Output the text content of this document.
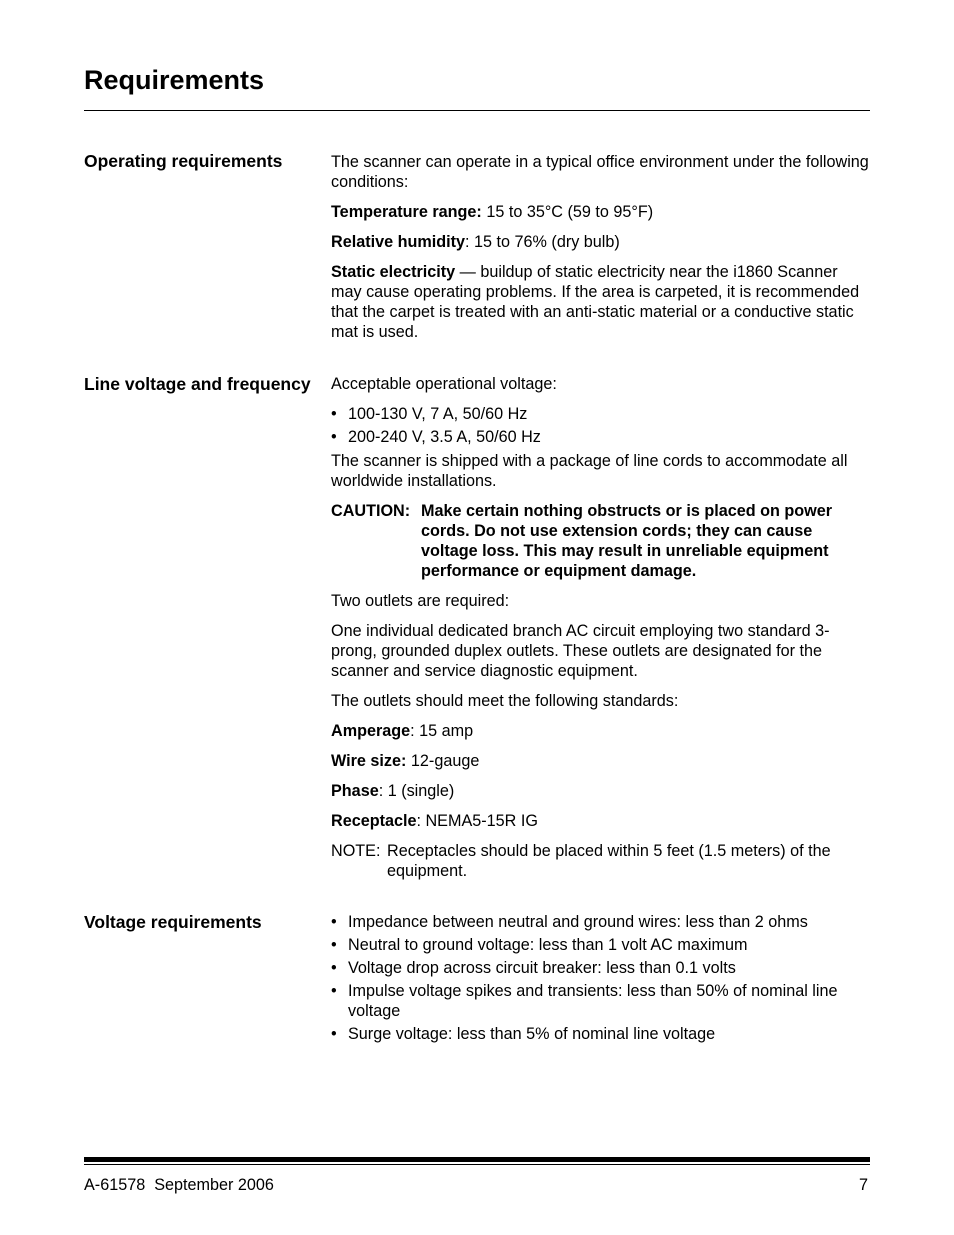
Requirements
Operating requirements	The scanner can operate in a typical office environment under the following conditions:

Temperature range: 15 to 35°C (59 to 95°F)

Relative humidity: 15 to 76% (dry bulb)

Static electricity — buildup of static electricity near the i1860 Scanner may cause operating problems. If the area is carpeted, it is recommended that the carpet is treated with an anti-static material or a conductive static mat is used.

Line voltage and frequency Acceptable operational voltage:

• 100-130 V, 7 A, 50/60 Hz
• 200-240 V, 3.5 A, 50/60 Hz

The scanner is shipped with a package of line cords to accommodate all worldwide installations.

CAUTION: Make certain nothing obstructs or is placed on power cords. Do not use extension cords; they can cause voltage loss. This may result in unreliable equipment performance or equipment damage.

Two outlets are required:

One individual dedicated branch AC circuit employing two standard 3-prong, grounded duplex outlets. These outlets are designated for the scanner and service diagnostic equipment.

The outlets should meet the following standards:

Amperage: 15 amp

Wire size: 12-gauge

Phase: 1 (single)

Receptacle: NEMA5-15R IG

NOTE: Receptacles should be placed within 5 feet (1.5 meters) of the equipment.
Voltage requirements
•	Impedance between neutral and ground wires: less than 2 ohms
• Neutral to ground voltage: less than 1 volt AC maximum
• Voltage drop across circuit breaker: less than 0.1 volts
• Impulse voltage spikes and transients: less than 50% of nominal line voltage
• Surge voltage: less than 5% of nominal line voltage
A-61578  September 2006	7
